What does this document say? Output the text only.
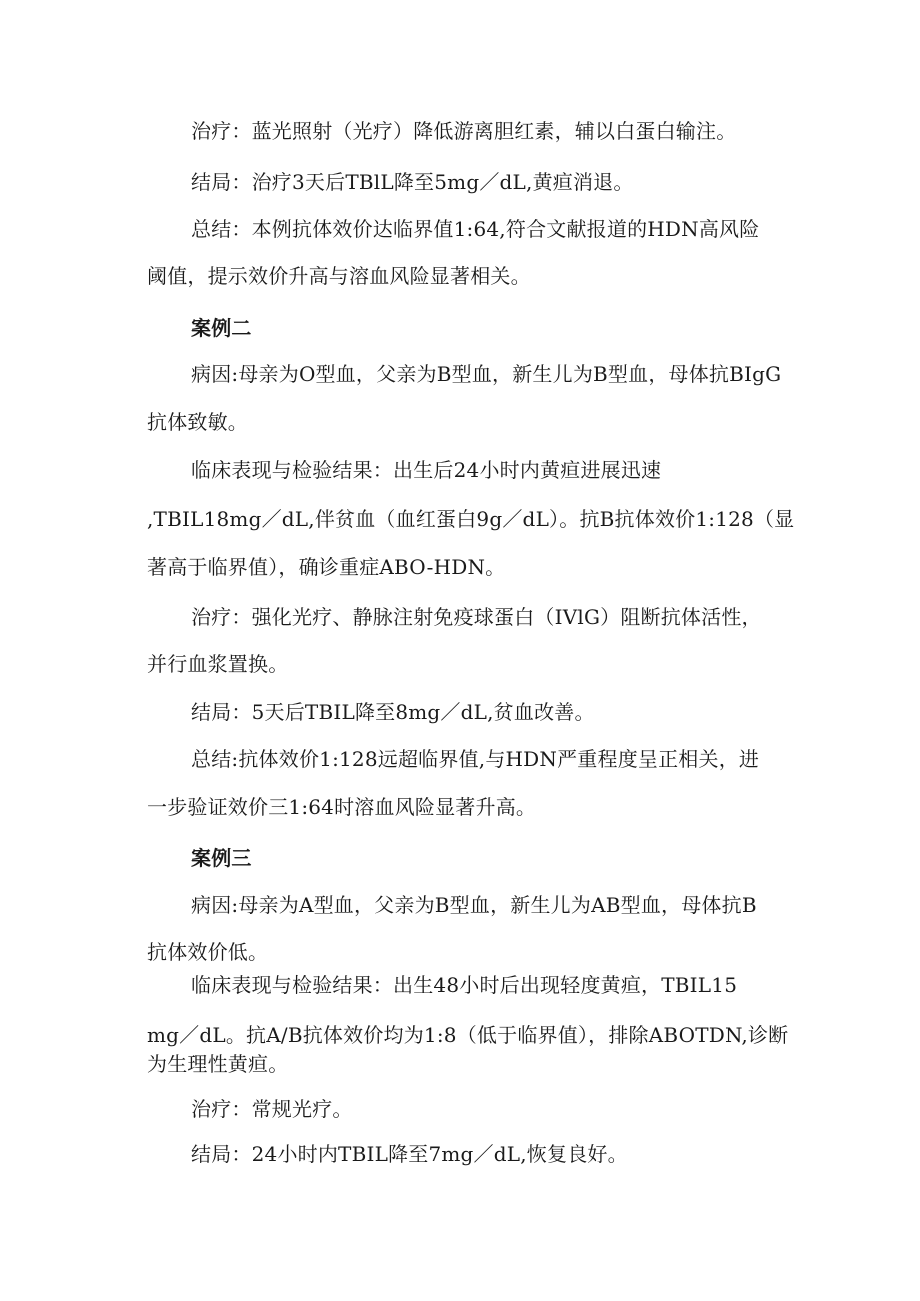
治疗：蓝光照射（光疗）降低游离胆红素，辅以白蛋白输注。
结局：治疗3天后TBlL降至5mg／dL,黄疸消退。
总结：本例抗体效价达临界值1:64,符合文献报道的HDN高风险
阈值，提示效价升高与溶血风险显著相关。
案例二
病因:母亲为O型血，父亲为B型血，新生儿为B型血，母体抗BIgG
抗体致敏。
临床表现与检验结果：出生后24小时内黄疸进展迅速
,TBIL18mg／dL,伴贫血（血红蛋白9g／dL）。抗B抗体效价1:128（显
著高于临界值），确诊重症ABO-HDN。
治疗：强化光疗、静脉注射免疫球蛋白（IVlG）阻断抗体活性，
并行血浆置换。
结局：5天后TBIL降至8mg／dL,贫血改善。
总结:抗体效价1:128远超临界值,与HDN严重程度呈正相关，进
一步验证效价三1:64时溶血风险显著升高。
案例三
病因:母亲为A型血，父亲为B型血，新生儿为AB型血，母体抗B
抗体效价低。
临床表现与检验结果：出生48小时后出现轻度黄疸，TBIL15
mg／dL。抗A/B抗体效价均为1:8（低于临界值），排除ABOTDN,诊断
为生理性黄疸。
治疗：常规光疗。
结局：24小时内TBIL降至7mg／dL,恢复良好。
